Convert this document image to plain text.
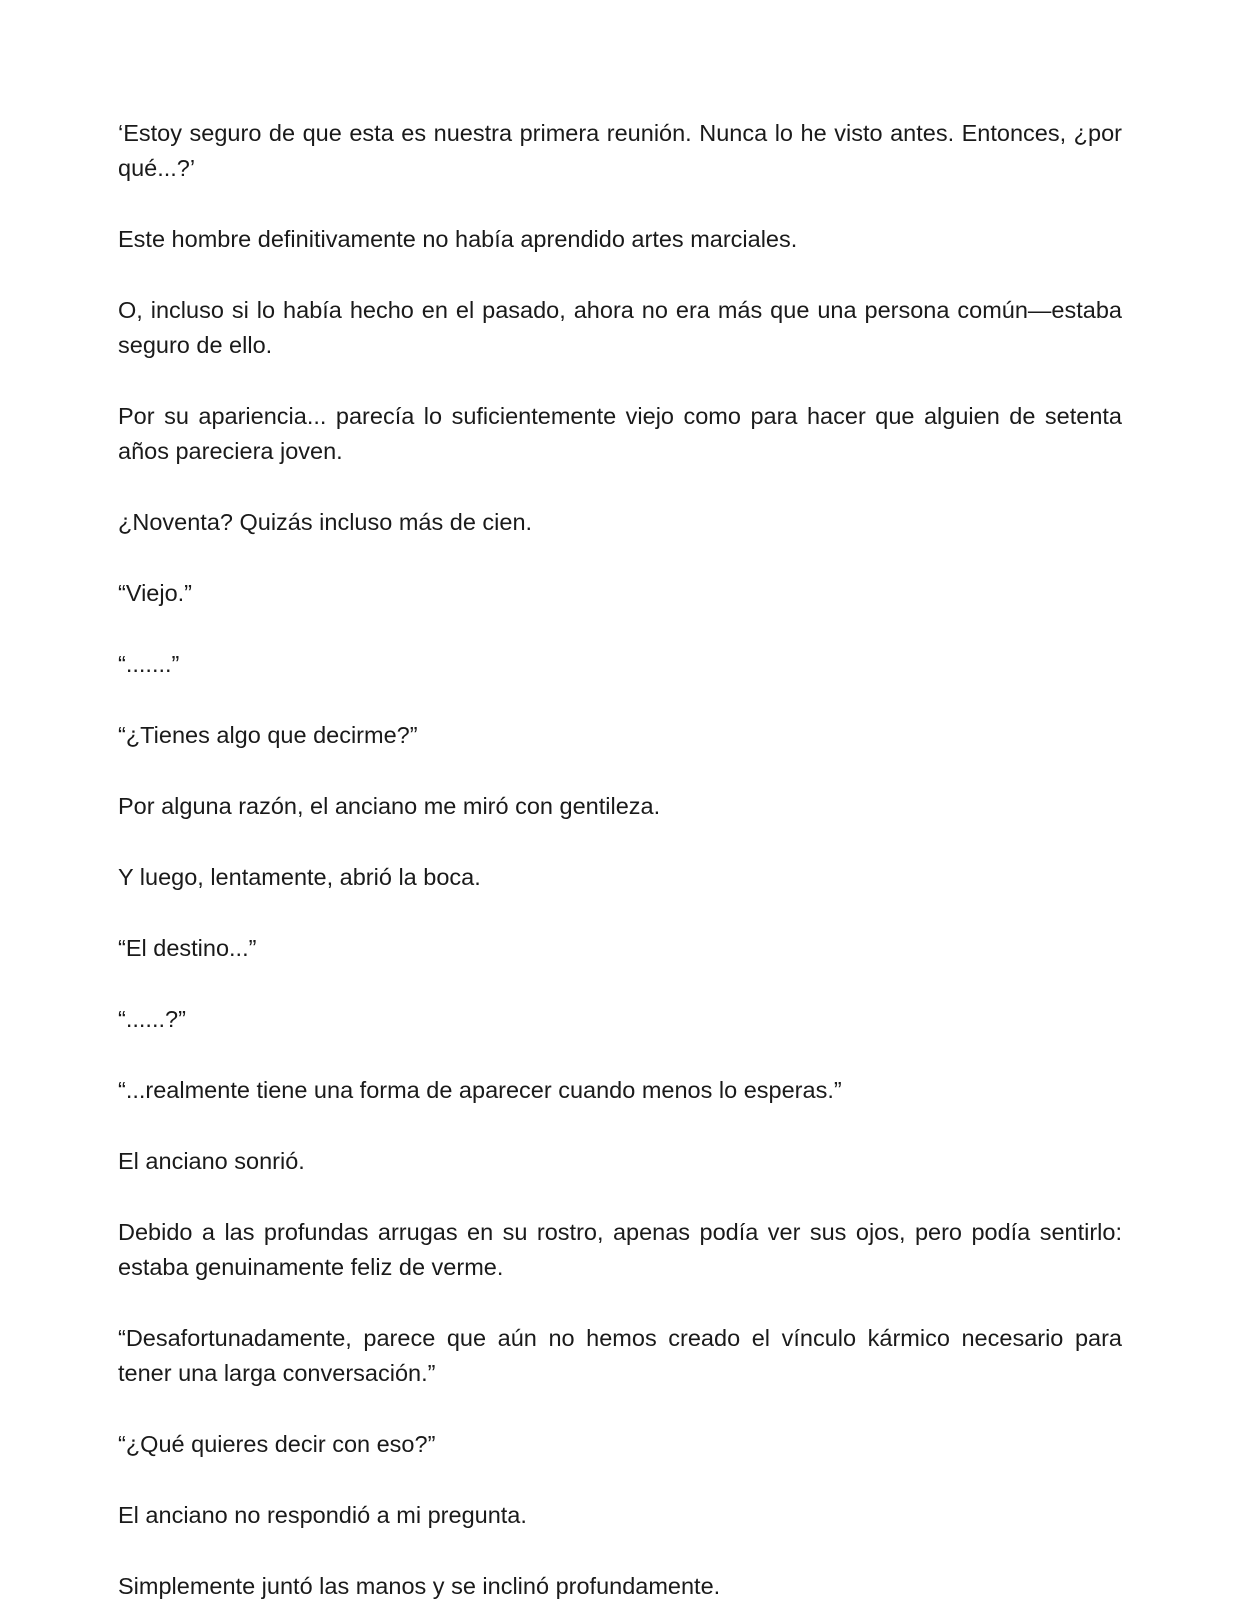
‘Estoy seguro de que esta es nuestra primera reunión. Nunca lo he visto antes. Entonces, ¿por qué...?’

Este hombre definitivamente no había aprendido artes marciales.

O, incluso si lo había hecho en el pasado, ahora no era más que una persona común—estaba seguro de ello.

Por su apariencia... parecía lo suficientemente viejo como para hacer que alguien de setenta años pareciera joven.

¿Noventa? Quizás incluso más de cien.

“Viejo.”

“.......”

“¿Tienes algo que decirme?”

Por alguna razón, el anciano me miró con gentileza.

Y luego, lentamente, abrió la boca.

“El destino...”

“......?”

“...realmente tiene una forma de aparecer cuando menos lo esperas.”

El anciano sonrió.

Debido a las profundas arrugas en su rostro, apenas podía ver sus ojos, pero podía sentirlo: estaba genuinamente feliz de verme.

“Desafortunadamente, parece que aún no hemos creado el vínculo kármico necesario para tener una larga conversación.”

“¿Qué quieres decir con eso?”

El anciano no respondió a mi pregunta.

Simplemente juntó las manos y se inclinó profundamente.
